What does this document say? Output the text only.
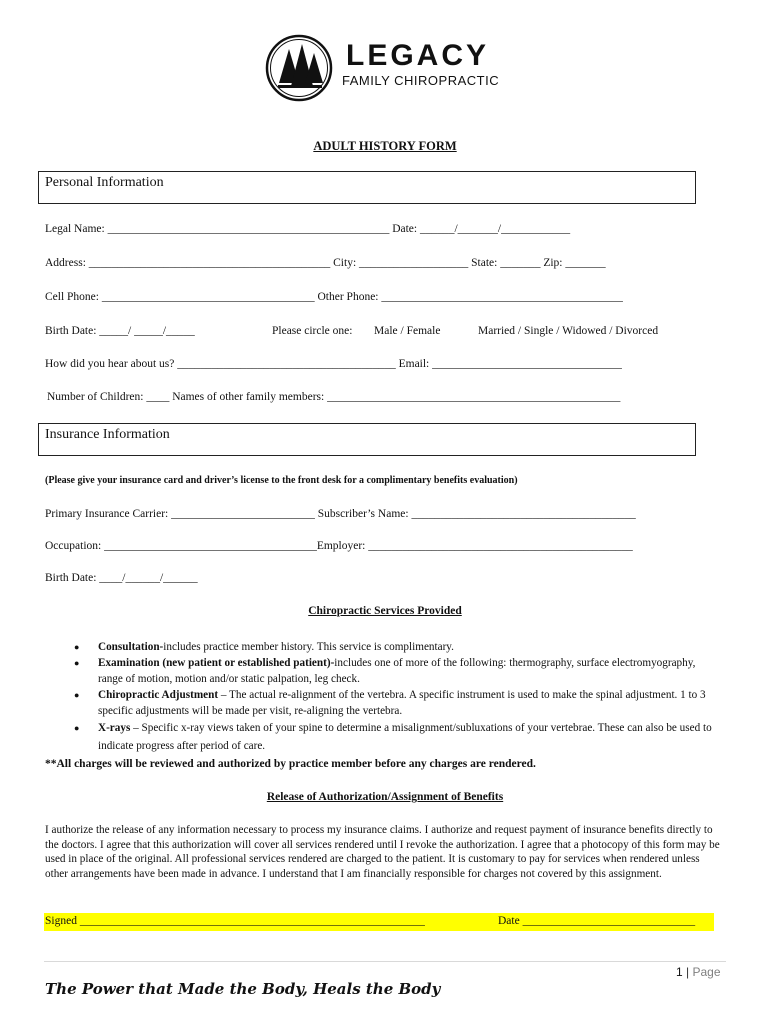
LEGACY
FAMILY CHIROPRACTIC
ADULT HISTORY FORM
Personal Information
Legal Name: _________________________________________________ Date: ______/_______/____________
Address: __________________________________________ City: ___________________ State: _______ Zip: _______
Cell Phone: _____________________________________ Other Phone: __________________________________________
Birth Date: _____/ _____/_____	Please circle one: Male / Female	Married / Single / Widowed / Divorced
How did you hear about us? ______________________________________ Email: _________________________________
Number of Children: ____ Names of other family members: ___________________________________________________
Insurance Information
(Please give your insurance card and driver’s license to the front desk for a complimentary benefits evaluation)
Primary Insurance Carrier: _________________________ Subscriber’s Name: _______________________________________
Occupation: _____________________________________Employer: ______________________________________________
Birth Date: ____/______/______
Chiropractic Services Provided
● Consultation-includes practice member history. This service is complimentary.
● Examination (new patient or established patient)-includes one of more of the following: thermography, surface electromyography, range of motion, motion and/or static palpation, leg check.
● Chiropractic Adjustment – The actual re-alignment of the vertebra. A specific instrument is used to make the spinal adjustment. 1 to 3 specific adjustments will be made per visit, re-aligning the vertebra.
● X-rays – Specific x-ray views taken of your spine to determine a misalignment/subluxations of your vertebrae. These can also be used to indicate progress after period of care.
**All charges will be reviewed and authorized by practice member before any charges are rendered.
Release of Authorization/Assignment of Benefits
I authorize the release of any information necessary to process my insurance claims. I authorize and request payment of insurance benefits directly to the doctors. I agree that this authorization will cover all services rendered until I revoke the authorization. I agree that a photocopy of this form may be used in place of the original. All professional services rendered are charged to the patient. It is customary to pay for services when rendered unless other arrangements have been made in advance. I understand that I am financially responsible for charges not covered by this assignment.
Signed ____________________________________________________________	Date ______________________________
1 | Page
The Power that Made the Body, Heals the Body
